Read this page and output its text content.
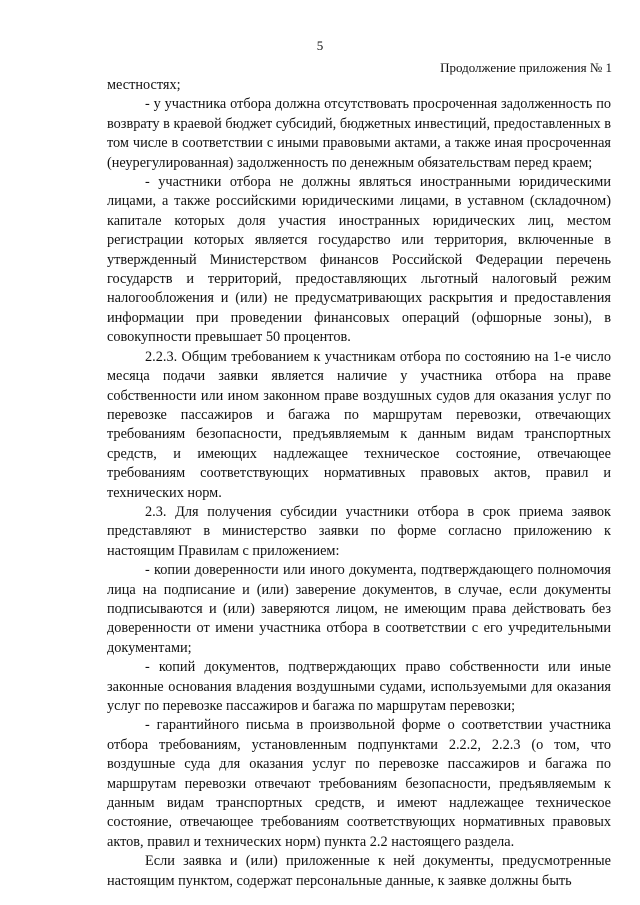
5
Продолжение приложения № 1

местностях;

- у участника отбора должна отсутствовать просроченная задолженность по возврату в краевой бюджет субсидий, бюджетных инвестиций, предоставленных в том числе в соответствии с иными правовыми актами, а также иная просроченная (неурегулированная) задолженность по денежным обязательствам перед краем;

- участники отбора не должны являться иностранными юридическими лицами, а также российскими юридическими лицами, в уставном (складочном) капитале которых доля участия иностранных юридических лиц, местом регистрации которых является государство или территория, включенные в утвержденный Министерством финансов Российской Федерации перечень государств и территорий, предоставляющих льготный налоговый режим налогообложения и (или) не предусматривающих раскрытия и предоставления информации при проведении финансовых операций (офшорные зоны), в совокупности превышает 50 процентов.

2.2.3. Общим требованием к участникам отбора по состоянию на 1-е число месяца подачи заявки является наличие у участника отбора на праве собственности или ином законном праве воздушных судов для оказания услуг по перевозке пассажиров и багажа по маршрутам перевозки, отвечающих требованиям безопасности, предъявляемым к данным видам транспортных средств, и имеющих надлежащее техническое состояние, отвечающее требованиям соответствующих нормативных правовых актов, правил и технических норм.

2.3. Для получения субсидии участники отбора в срок приема заявок представляют в министерство заявки по форме согласно приложению к настоящим Правилам с приложением:

- копии доверенности или иного документа, подтверждающего полномочия лица на подписание и (или) заверение документов, в случае, если документы подписываются и (или) заверяются лицом, не имеющим права действовать без доверенности от имени участника отбора в соответствии с его учредительными документами;

- копий документов, подтверждающих право собственности или иные законные основания владения воздушными судами, используемыми для оказания услуг по перевозке пассажиров и багажа по маршрутам перевозки;

- гарантийного письма в произвольной форме о соответствии участника отбора требованиям, установленным подпунктами 2.2.2, 2.2.3 (о том, что воздушные суда для оказания услуг по перевозке пассажиров и багажа по маршрутам перевозки отвечают требованиям безопасности, предъявляемым к данным видам транспортных средств, и имеют надлежащее техническое состояние, отвечающее требованиям соответствующих нормативных правовых актов, правил и технических норм) пункта 2.2 настоящего раздела.

Если заявка и (или) приложенные к ней документы, предусмотренные настоящим пунктом, содержат персональные данные, к заявке должны быть
